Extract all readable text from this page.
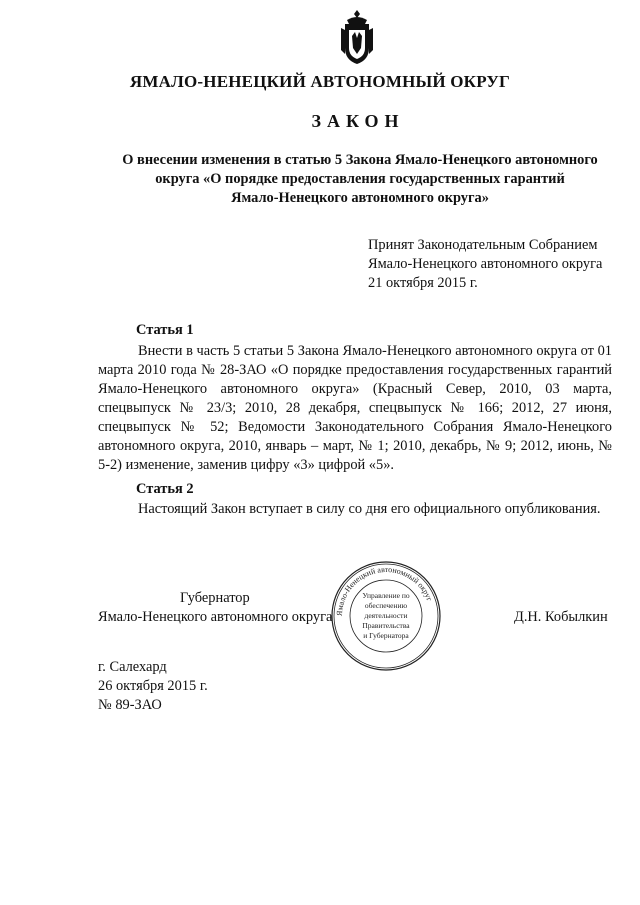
ЯМАЛО-НЕНЕЦКИЙ АВТОНОМНЫЙ ОКРУГ
ЗАКОН
О внесении изменения в статью 5 Закона Ямало-Ненецкого автономного
округа «О порядке предоставления государственных гарантий
Ямало-Ненецкого автономного округа»
Принят Законодательным Собранием
Ямало-Ненецкого автономного округа
21 октября 2015 г.
Статья 1
Внести в часть 5 статьи 5 Закона Ямало-Ненецкого автономного округа от 01 марта 2010 года № 28-ЗАО «О порядке предоставления государственных гарантий Ямало-Ненецкого автономного округа» (Красный Север, 2010, 03 марта, спецвыпуск № 23/3; 2010, 28 декабря, спецвыпуск № 166; 2012, 27 июня, спецвыпуск № 52; Ведомости Законодательного Собрания Ямало-Ненецкого автономного округа, 2010, январь – март, № 1; 2010, декабрь, № 9; 2012, июнь, № 5-2) изменение, заменив цифру «3» цифрой «5».
Статья 2
Настоящий Закон вступает в силу со дня его официального опубликования.
Губернатор
Ямало-Ненецкого автономного округа	Д.Н. Кобылкин
Ямало-Ненецкий автономный округ
Управление по
обеспечению
деятельности
Правительства
и Губернатора
г. Салехард
26 октября 2015 г.
№ 89-ЗАО
